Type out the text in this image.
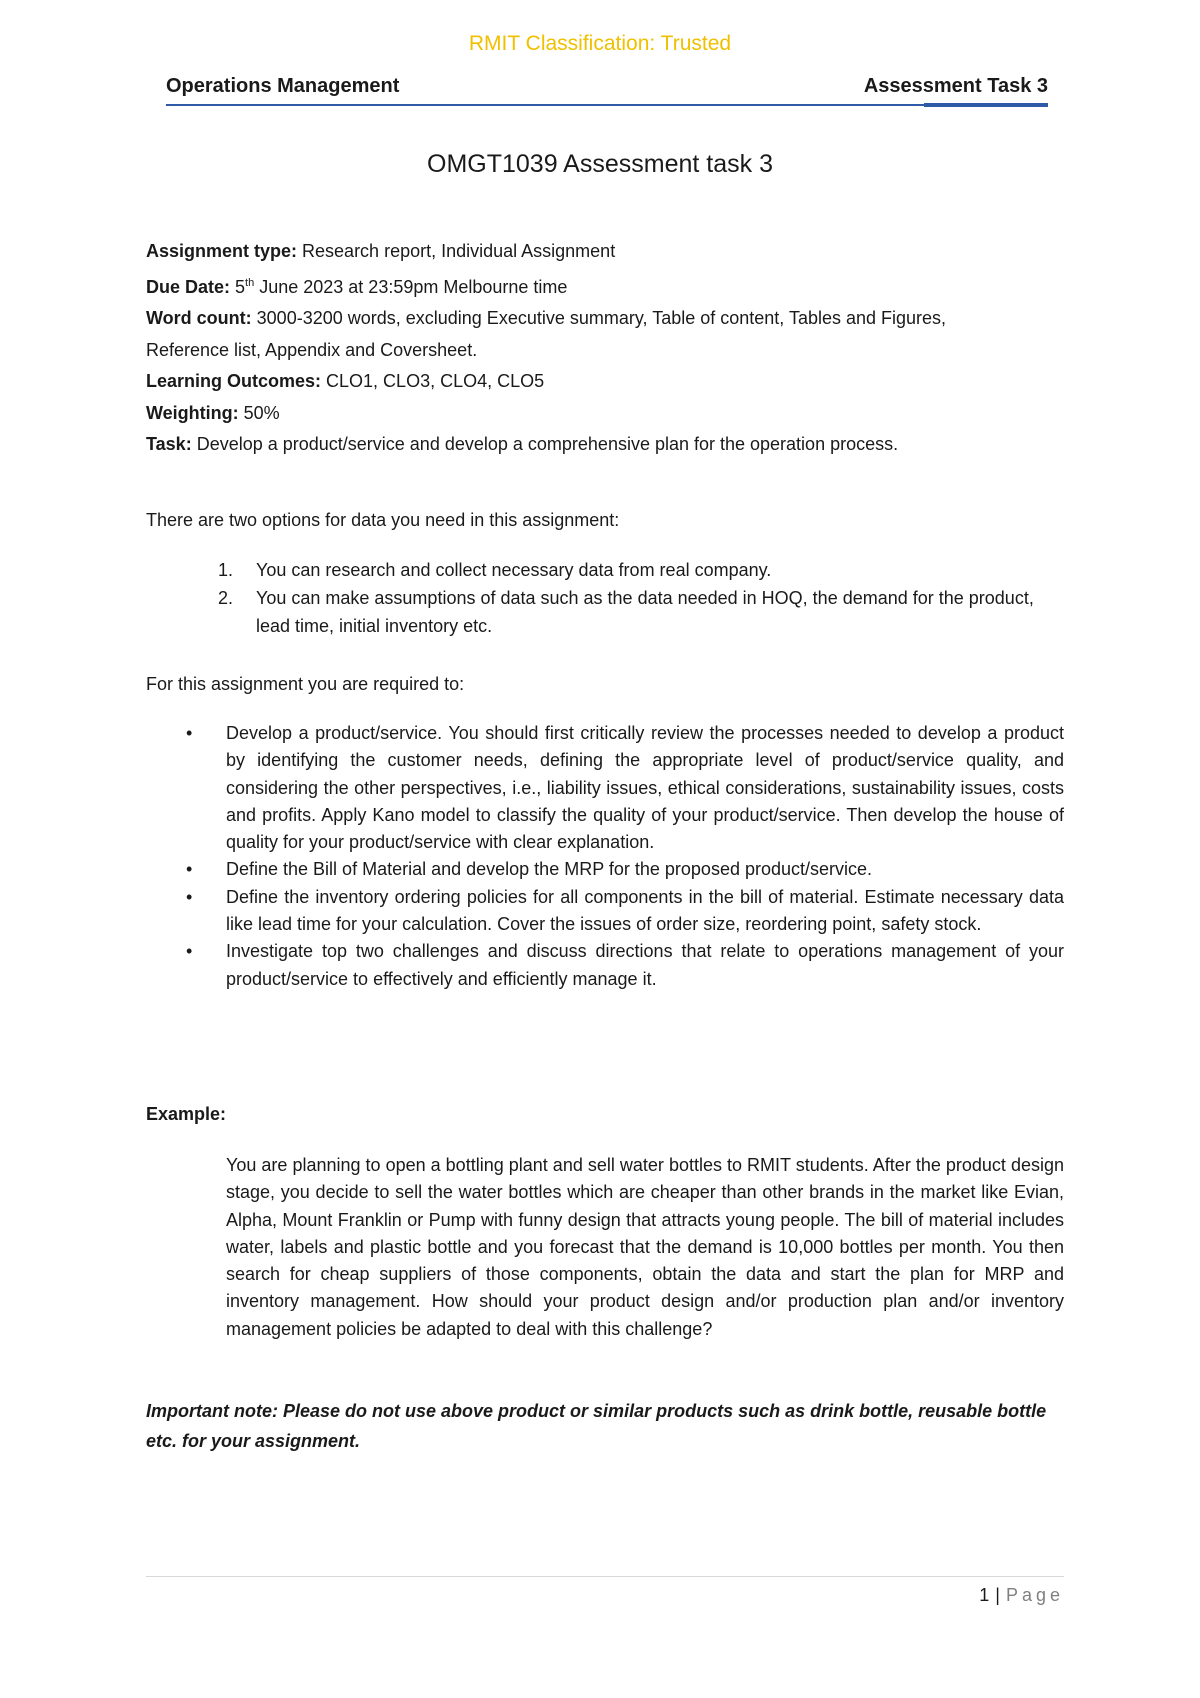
RMIT Classification: Trusted
Operations Management	Assessment Task 3
OMGT1039 Assessment task 3

Assignment type: Research report, Individual Assignment

Due Date: 5th June 2023 at 23:59pm Melbourne time

Word count: 3000-3200 words, excluding Executive summary, Table of content, Tables and Figures,

Reference list, Appendix and Coversheet.

Learning Outcomes: CLO1, CLO3, CLO4, CLO5

Weighting: 50%

Task: Develop a product/service and develop a comprehensive plan for the operation process.

There are two options for data you need in this assignment:
1. You can research and collect necessary data from real company.
2. You can make assumptions of data such as the data needed in HOQ, the demand for the product, lead time, initial inventory etc.
For this assignment you are required to:
• Develop a product/service. You should first critically review the processes needed to develop a product by identifying the customer needs, defining the appropriate level of product/service quality, and considering the other perspectives, i.e., liability issues, ethical considerations, sustainability issues, costs and profits. Apply Kano model to classify the quality of your product/service. Then develop the house of quality for your product/service with clear explanation.
• Define the Bill of Material and develop the MRP for the proposed product/service.
• Define the inventory ordering policies for all components in the bill of material. Estimate necessary data like lead time for your calculation. Cover the issues of order size, reordering point, safety stock.
• Investigate top two challenges and discuss directions that relate to operations management of your product/service to effectively and efficiently manage it.
Example:

You are planning to open a bottling plant and sell water bottles to RMIT students. After the product design stage, you decide to sell the water bottles which are cheaper than other brands in the market like Evian, Alpha, Mount Franklin or Pump with funny design that attracts young people. The bill of material includes water, labels and plastic bottle and you forecast that the demand is 10,000 bottles per month. You then search for cheap suppliers of those components, obtain the data and start the plan for MRP and inventory management. How should your product design and/or production plan and/or inventory management policies be adapted to deal with this challenge?

Important note: Please do not use above product or similar products such as drink bottle, reusable bottle etc. for your assignment.

1 | Page
